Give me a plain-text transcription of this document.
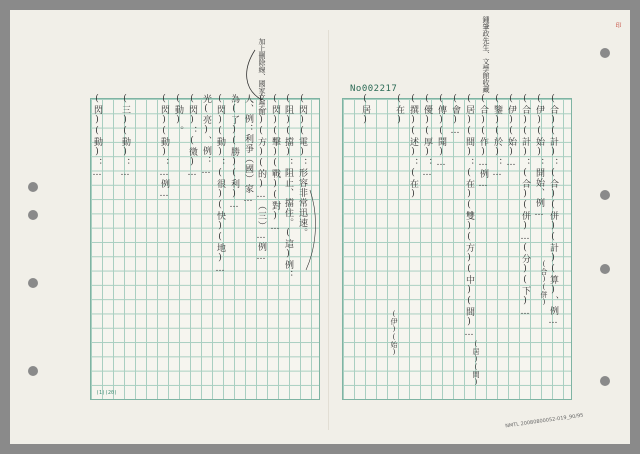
No002217
印
(1)(20)
NMTL 20080800052-019_90/95
加上刪除線、國家文學館	鍾肇政先生、文學館收藏
(合)(併)
(伊)(始)
(居)(間)
(閃)(電)：形容非常迅速。
(阻)(擋)：阻止、擋住。(這)例：
(閃)(擊)(戰)(對)…
(一)(方)(的)…（三）…例…
人、例：利爭（國）家…
為(了)(勝)(利)…
(閃)(動)：(很)(快)(地)…
光(亮)、例：…
(閃)：(微)…
(動)。
(閃)(動)：…例…
(三)(動)：…
(閃)(動)：…	(合)(計)：(合)(併)(計)(算)、例…
(伊)(始)：開始、例…
(合)(計)：(合)(併)…(分)(下)…
(伊)(始)…
(鑒)(於)：…
(合)(作)…例…
(居)(間)：(在)(雙)(方)(中)(間)…
(會)…
(傳)(聞)…
(優)(厚)：…
(撰)(述)：(在)
(在)
(居)
